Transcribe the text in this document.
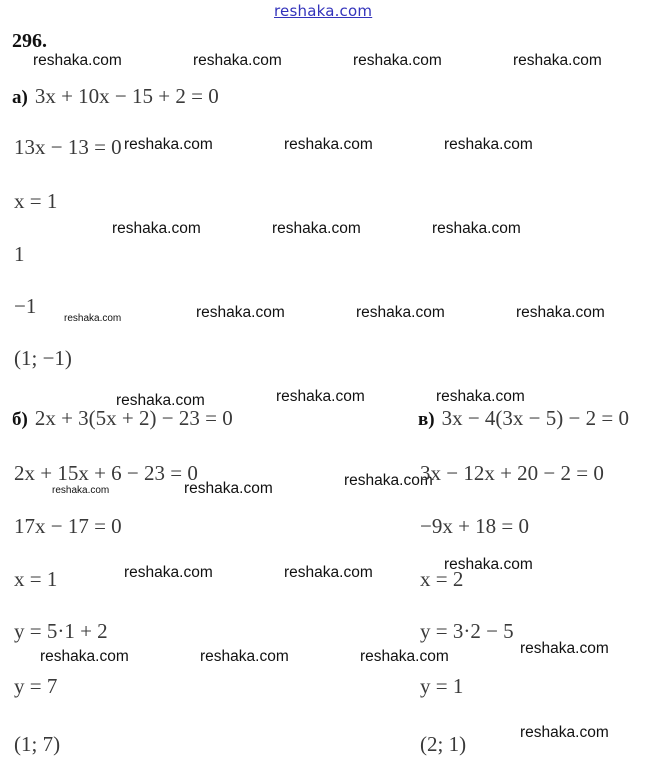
reshaka.com
296.
reshaka.com	reshaka.com	reshaka.com	reshaka.com
reshaka.com	reshaka.com	reshaka.com
reshaka.com	reshaka.com	reshaka.com
reshaka.com	reshaka.com	reshaka.com	reshaka.com
reshaka.com	reshaka.com	reshaka.com
reshaka.com	reshaka.com	reshaka.com
reshaka.com	reshaka.com	reshaka.com
reshaka.com	reshaka.com	reshaka.com	reshaka.com
reshaka.com
а) 3x + 10x − 15 + 2 = 0
13x − 13 = 0
x = 1
1
−1
(1; −1)
б) 2x + 3(5x + 2) − 23 = 0
2x + 15x + 6 − 23 = 0
17x − 17 = 0
x = 1
y = 5·1 + 2
y = 7
(1; 7)
в) 3x − 4(3x − 5) − 2 = 0
3x − 12x + 20 − 2 = 0
−9x + 18 = 0
x = 2
y = 3·2 − 5
y = 1
(2; 1)
